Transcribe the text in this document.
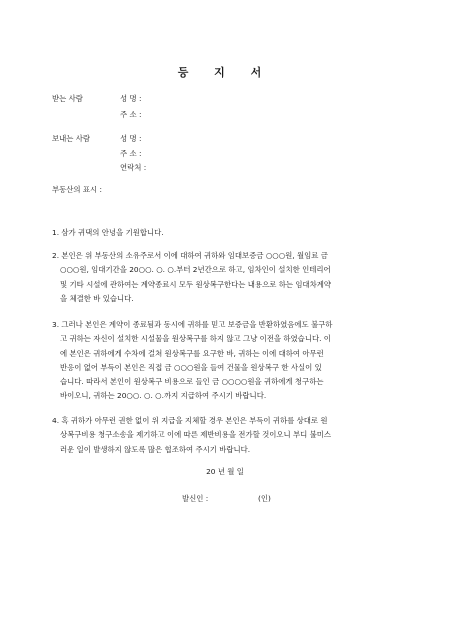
등 지 서
받는 사람	성 명 :
주 소 :
보내는 사람	성 명 :
주 소 :
연락처 :
부동산의 표시 :
1. 삼가 귀댁의 안녕을 기원합니다.
2. 본인은 위 부동산의 소유주로서 이에 대하여 귀하와 임대보증금 ○○○원, 월임료 금
○○○원, 임대기간을 20○○. ○. ○.부터 2년간으로 하고, 임차인이 설치한 인테리어
및 기타 시설에 관하여는 계약종료시 모두 원상복구한다는 내용으로 하는 임대차계약
을 체결한 바 있습니다.
3. 그러나 본인은 계약이 종료됨과 동시에 귀하를 믿고 보증금을 반환하였음에도 불구하
고 귀하는 자신이 설치한 시설물을 원상복구를 하지 않고 그냥 이전을 하였습니다. 이
에 본인은 귀하에게 수차에 걸쳐 원상복구를 요구한 바, 귀하는 이에 대하여 아무런
반응이 없어 부득이 본인은 직접 금 ○○○원을 들여 건물을 원상복구 한 사실이 있
습니다. 따라서 본인이 원상복구 비용으로 들인 금 ○○○○원을 귀하에게 청구하는
바이오니, 귀하는 20○○. ○. ○.까지 지급하여 주시기 바랍니다.
4. 혹 귀하가 아무런 권한 없이 위 지급을 지체할 경우 본인은 부득이 귀하를 상대로 원
상복구비용 청구소송을 제기하고 이에 따른 제반비용을 전가할 것이오니 부디 불미스
러운 일이 발생하지 않도록 많은 협조하여 주시기 바랍니다.
20 년 월 일
발신인 :	(인)
